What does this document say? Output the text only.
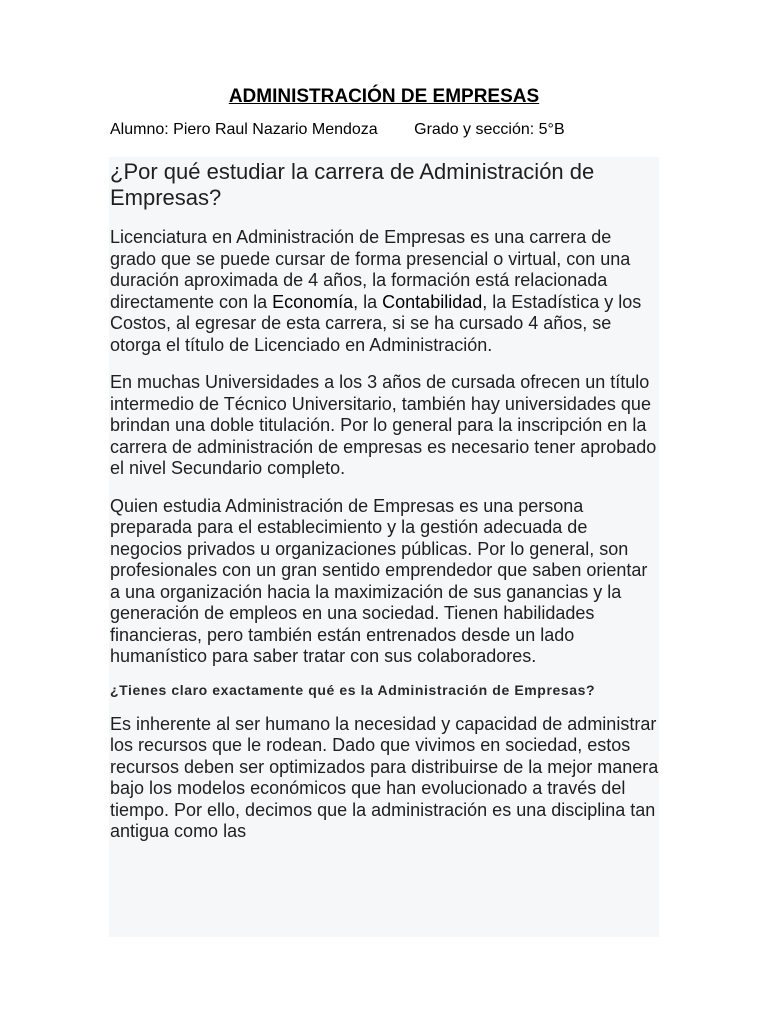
ADMINISTRACIÓN DE EMPRESAS
Alumno: Piero Raul Nazario Mendoza Grado y sección: 5°B
¿Por qué estudiar la carrera de Administración de Empresas?

Licenciatura en Administración de Empresas es una carrera de grado que se puede cursar de forma presencial o virtual, con una duración aproximada de 4 años, la formación está relacionada directamente con la Economía, la Contabilidad, la Estadística y los Costos, al egresar de esta carrera, si se ha cursado 4 años, se otorga el título de Licenciado en Administración.

En muchas Universidades a los 3 años de cursada ofrecen un título intermedio de Técnico Universitario, también hay universidades que brindan una doble titulación. Por lo general para la inscripción en la carrera de administración de empresas es necesario tener aprobado el nivel Secundario completo.

Quien estudia Administración de Empresas es una persona preparada para el establecimiento y la gestión adecuada de negocios privados u organizaciones públicas. Por lo general, son profesionales con un gran sentido emprendedor que saben orientar a una organización hacia la maximización de sus ganancias y la generación de empleos en una sociedad. Tienen habilidades financieras, pero también están entrenados desde un lado humanístico para saber tratar con sus colaboradores.

¿Tienes claro exactamente qué es la Administración de Empresas?

Es inherente al ser humano la necesidad y capacidad de administrar los recursos que le rodean. Dado que vivimos en sociedad, estos recursos deben ser optimizados para distribuirse de la mejor manera bajo los modelos económicos que han evolucionado a través del tiempo. Por ello, decimos que la administración es una disciplina tan antigua como las
